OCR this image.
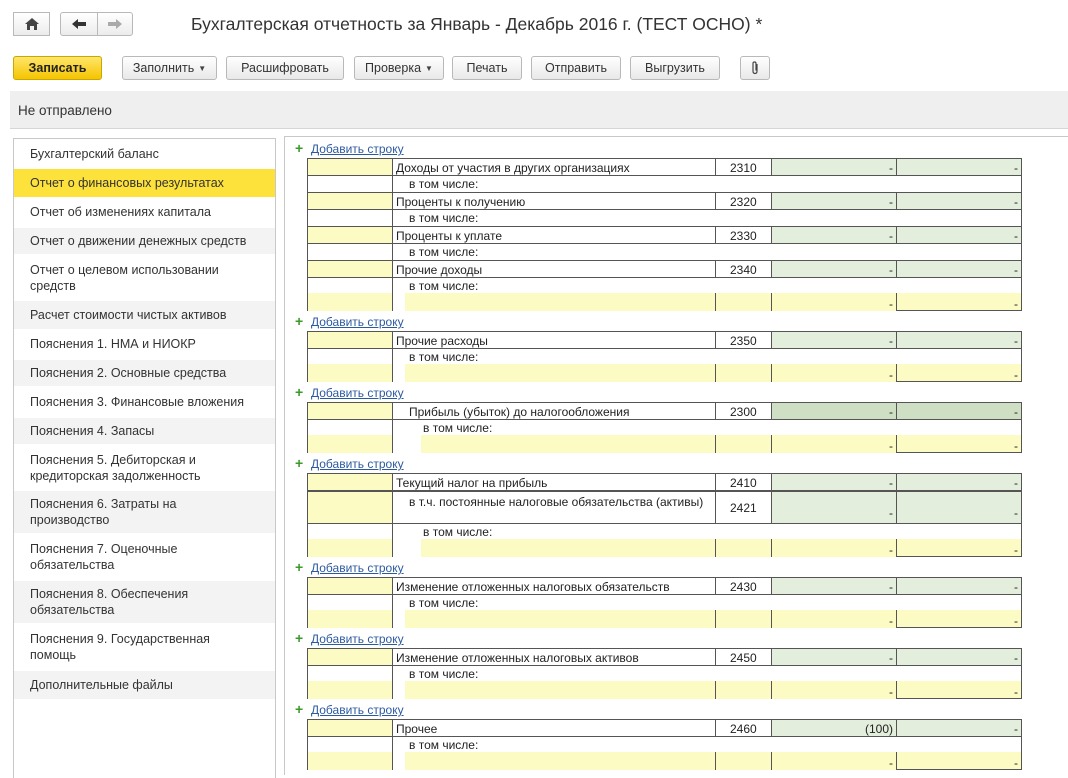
Бухгалтерская отчетность за Январь - Декабрь 2016 г. (ТЕСТ ОСНО) *
Записать	Заполнить ▼	Расшифровать	Проверка ▼	Печать	Отправить	Выгрузить
Не отправлено
Бухгалтерский баланс
Отчет о финансовых результатах
Отчет об изменениях капитала
Отчет о движении денежных средств
Отчет о целевом использовании средств
Расчет стоимости чистых активов
Пояснения 1. НМА и НИОКР
Пояснения 2. Основные средства
Пояснения 3. Финансовые вложения
Пояснения 4. Запасы
Пояснения 5. Дебиторская и кредиторская задолженность
Пояснения 6. Затраты на производство
Пояснения 7. Оценочные обязательства
Пояснения 8. Обеспечения обязательства
Пояснения 9. Государственная помощь
Дополнительные файлы
+ Добавить строку
Доходы от участия в других организациях	2310	-	-
в том числе:
Проценты к получению	2320	-	-
в том числе:
Проценты к уплате	2330	-	-
в том числе:
Прочие доходы	2340	-	-
в том числе:
-	-
+ Добавить строку
Прочие расходы	2350	-	-
в том числе:
-	-
+ Добавить строку
Прибыль (убыток) до налогообложения	2300	-	-
в том числе:
-	-
+ Добавить строку
Текущий налог на прибыль	2410	-	-
в т.ч. постоянные налоговые обязательства (активы)	2421	-	-
в том числе:
-	-
+ Добавить строку
Изменение отложенных налоговых обязательств	2430	-	-
в том числе:
-	-
+ Добавить строку
Изменение отложенных налоговых активов	2450	-	-
в том числе:
-	-
+ Добавить строку
Прочее	2460	(100)	-
в том числе:
-	-
